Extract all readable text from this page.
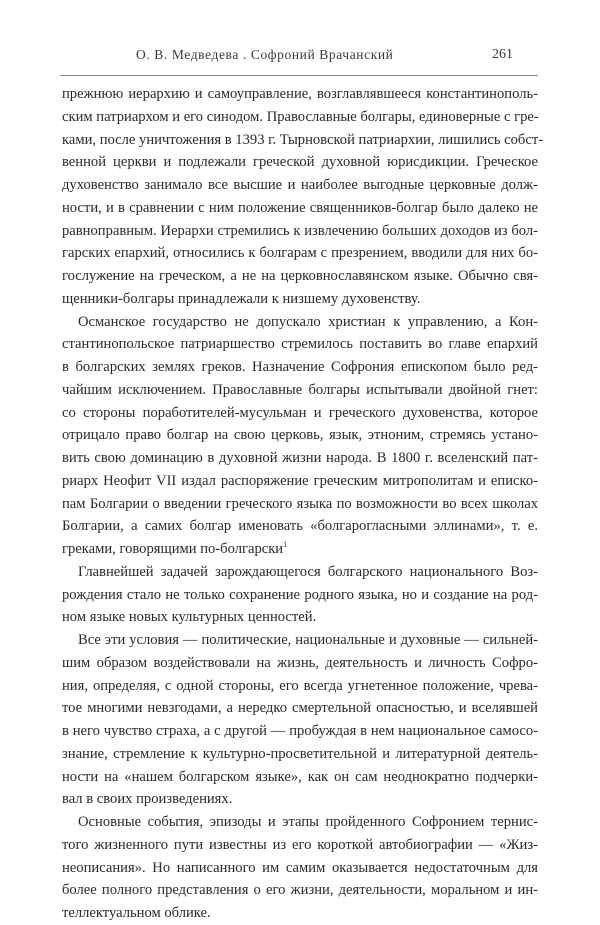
О. В. Медведева . Софроний Врачанский	261
прежнюю иерархию и самоуправление, возглавлявшееся константинополь-
ским патриархом и его синодом. Православные болгары, единоверные с гре-
ками, после уничтожения в 1393 г. Тырновской патриархии, лишились собст-
венной церкви и подлежали греческой духовной юрисдикции. Греческое
духовенство занимало все высшие и наиболее выгодные церковные долж-
ности, и в сравнении с ним положение священников-болгар было далеко не
равноправным. Иерархи стремились к извлечению больших доходов из бол-
гарских епархий, относились к болгарам с презрением, вводили для них бо-
гослужение на греческом, а не на церковнославянском языке. Обычно свя-
щенники-болгары принадлежали к низшему духовенству.
Османское государство не допускало христиан к управлению, а Кон-
стантинопольское патриаршество стремилось поставить во главе епархий
в болгарских землях греков. Назначение Софрония епископом было ред-
чайшим исключением. Православные болгары испытывали двойной гнет:
со стороны поработителей-мусульман и греческого духовенства, которое
отрицало право болгар на свою церковь, язык, этноним, стремясь устано-
вить свою доминацию в духовной жизни народа. В 1800 г. вселенский пат-
риарх Неофит VII издал распоряжение греческим митрополитам и еписко-
пам Болгарии о введении греческого языка по возможности во всех школах
Болгарии, а самих болгар именовать «болгарогласными эллинами», т. е.
греками, говорящими по-болгарски$^1$
Главнейшей задачей зарождающегося болгарского национального Воз-
рождения стало не только сохранение родного языка, но и создание на род-
ном языке новых культурных ценностей.
Все эти условия — политические, национальные и духовные — сильней-
шим образом воздействовали на жизнь, деятельность и личность Софро-
ния, определяя, с одной стороны, его всегда угнетенное положение, чрева-
тое многими невзгодами, а нередко смертельной опасностью, и вселявшей
в него чувство страха, а с другой — пробуждая в нем национальное самосо-
знание, стремление к культурно-просветительной и литературной деятель-
ности на «нашем болгарском языке», как он сам неоднократно подчерки-
вал в своих произведениях.
Основные события, эпизоды и этапы пройденного Софронием тернис-
того жизненного пути известны из его короткой автобиографии — «Жиз-
неописания». Но написанного им самим оказывается недостаточным для
более полного представления о его жизни, деятельности, моральном и ин-
теллектуальном облике.
